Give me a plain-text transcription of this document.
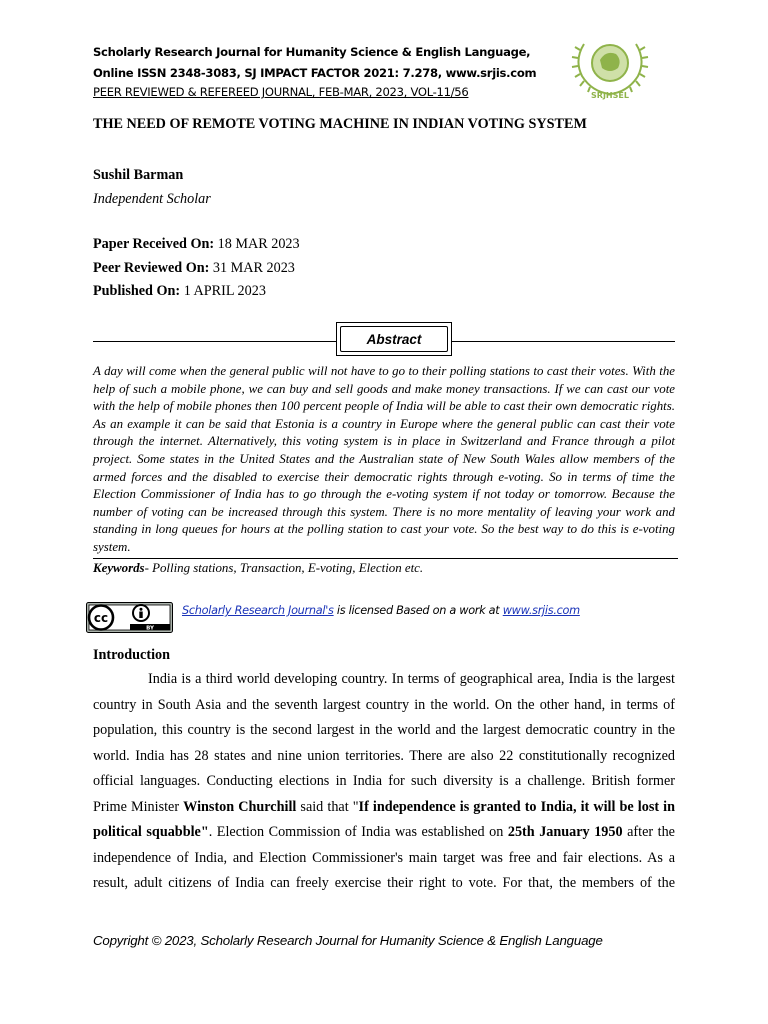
Scholarly Research Journal for Humanity Science & English Language,
Online ISSN 2348-3083, SJ IMPACT FACTOR 2021: 7.278, www.srjis.com
PEER REVIEWED & REFEREED JOURNAL, FEB-MAR, 2023, VOL-11/56	SRJHSEL
THE NEED OF REMOTE VOTING MACHINE IN INDIAN VOTING SYSTEM
Sushil Barman
Independent Scholar
Paper Received On: 18 MAR 2023
Peer Reviewed On: 31 MAR 2023
Published On: 1 APRIL 2023
Abstract
A day will come when the general public will not have to go to their polling stations to cast their votes. With the help of such a mobile phone, we can buy and sell goods and make money transactions. If we can cast our vote with the help of mobile phones then 100 percent people of India will be able to cast their own democratic rights. As an example it can be said that Estonia is a country in Europe where the general public can cast their vote through the internet. Alternatively, this voting system is in place in Switzerland and France through a pilot project. Some states in the United States and the Australian state of New South Wales allow members of the armed forces and the disabled to exercise their democratic rights through e-voting. So in terms of time the Election Commissioner of India has to go through the e-voting system if not today or tomorrow. Because the number of voting can be increased through this system. There is no more mentality of leaving your work and standing in long queues for hours at the polling station to cast your vote. So the best way to do this is e-voting system.
Keywords- Polling stations, Transaction, E-voting, Election etc.
cc
BY
Scholarly Research Journal's is licensed Based on a work at www.srjis.com
Introduction
India is a third world developing country. In terms of geographical area, India is the largest country in South Asia and the seventh largest country in the world. On the other hand, in terms of population, this country is the second largest in the world and the largest democratic country in the world. India has 28 states and nine union territories. There are also 22 constitutionally recognized official languages. Conducting elections in India for such diversity is a challenge. British former Prime Minister Winston Churchill said that "If independence is granted to India, it will be lost in political squabble". Election Commission of India was established on 25th January 1950 after the independence of India, and Election Commissioner's main target was free and fair elections. As a result, adult citizens of India can freely exercise their right to vote. For that, the members of the
Copyright © 2023, Scholarly Research Journal for Humanity Science & English Language
